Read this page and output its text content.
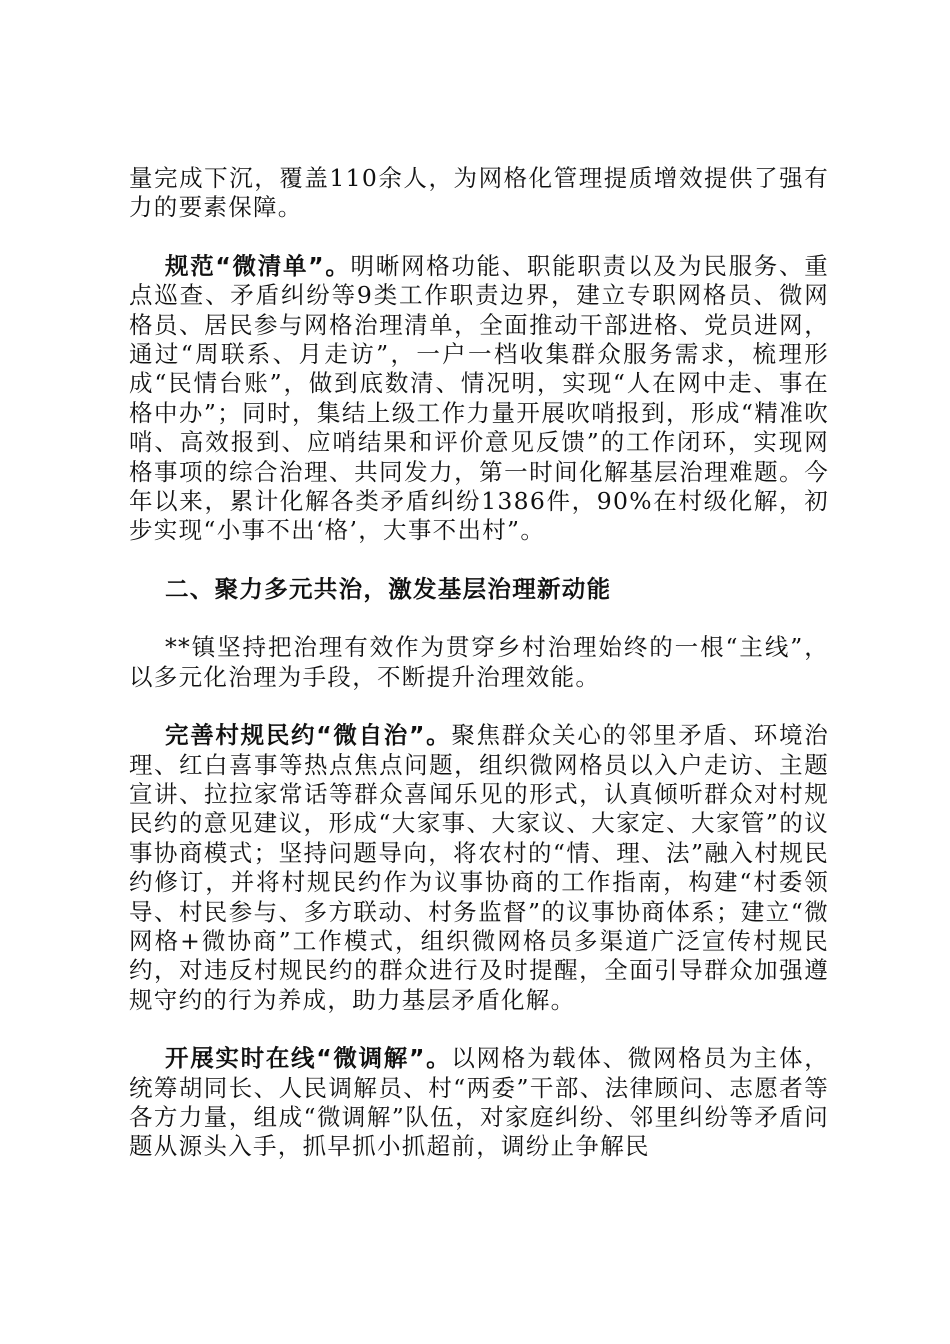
量完成下沉，覆盖110余人，为网格化管理提质增效提供了强有力的要素保障。

规范“微清单”。明晰网格功能、职能职责以及为民服务、重点巡查、矛盾纠纷等9类工作职责边界，建立专职网格员、微网格员、居民参与网格治理清单，全面推动干部进格、党员进网，通过“周联系、月走访”，一户一档收集群众服务需求，梳理形成“民情台账”，做到底数清、情况明，实现“人在网中走、事在格中办”；同时，集结上级工作力量开展吹哨报到，形成“精准吹哨、高效报到、应哨结果和评价意见反馈”的工作闭环，实现网格事项的综合治理、共同发力，第一时间化解基层治理难题。今年以来，累计化解各类矛盾纠纷1386件，90%在村级化解，初步实现“小事不出‘格’，大事不出村”。

二、聚力多元共治，激发基层治理新动能

**镇坚持把治理有效作为贯穿乡村治理始终的一根“主线”，以多元化治理为手段，不断提升治理效能。

完善村规民约“微自治”。聚焦群众关心的邻里矛盾、环境治理、红白喜事等热点焦点问题，组织微网格员以入户走访、主题宣讲、拉拉家常话等群众喜闻乐见的形式，认真倾听群众对村规民约的意见建议，形成“大家事、大家议、大家定、大家管”的议事协商模式；坚持问题导向，将农村的“情、理、法”融入村规民约修订，并将村规民约作为议事协商的工作指南，构建“村委领导、村民参与、多方联动、村务监督”的议事协商体系；建立“微网格+微协商”工作模式，组织微网格员多渠道广泛宣传村规民约，对违反村规民约的群众进行及时提醒，全面引导群众加强遵规守约的行为养成，助力基层矛盾化解。

开展实时在线“微调解”。以网格为载体、微网格员为主体，统筹胡同长、人民调解员、村“两委”干部、法律顾问、志愿者等各方力量，组成“微调解”队伍，对家庭纠纷、邻里纠纷等矛盾问题从源头入手，抓早抓小抓超前，调纷止争解民
